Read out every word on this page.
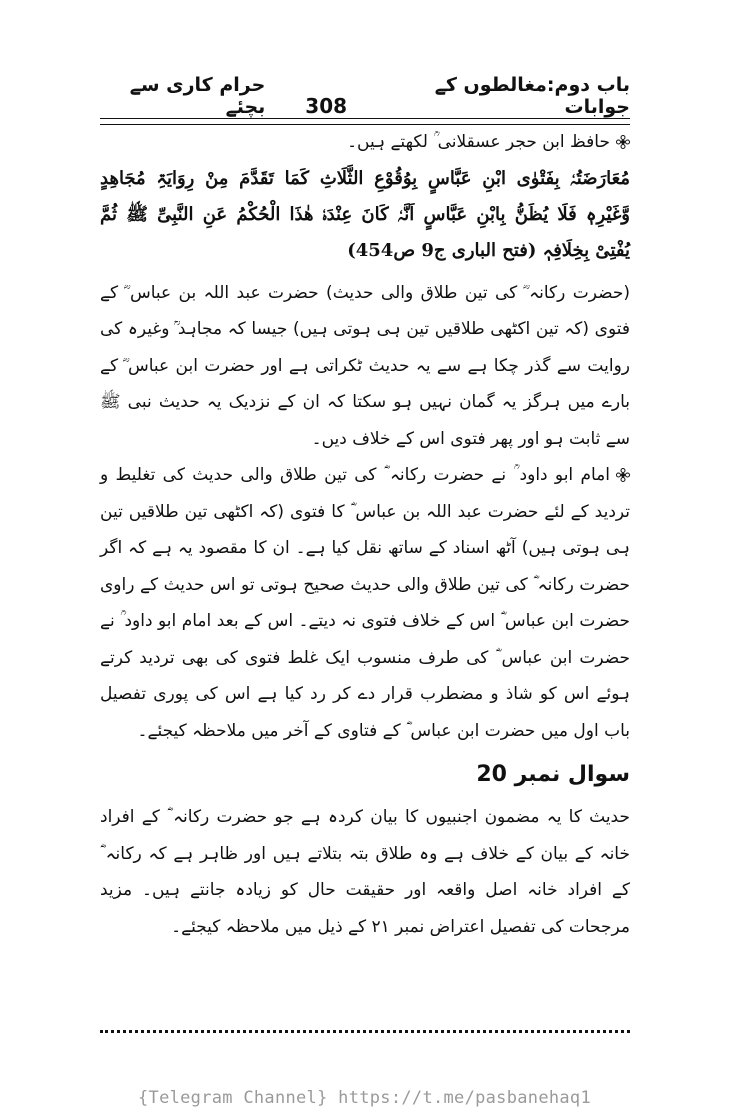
باب دوم:مغالطوں کے جوابات
308
حرام کاری سے بچئے

حافظ ابن حجر عسقلانی ؒ لکھتے ہیں۔

مُعَارَضَتُہٗ بِفَتْوٰی ابْنِ عَبَّاسٍ بِوُقُوْعِ الثَّلَاثِ کَمَا تَقَدَّمَ مِنْ رِوَایَۃِ مُجَاھِدٍ وَّغَیْرِہٖ فَلَا یُظَنُّ بِابْنِ عَبَّاسٍ اَنَّہٗ کَانَ عِنْدَہٗ ھٰذَا الْحُکْمُ عَنِ النَّبِیِّ ﷺ ثُمَّ یُفْتِیْ بِخِلَافِہٖ (فتح الباری ج9 ص454)

(حضرت رکانہ ؓ کی تین طلاق والی حدیث) حضرت عبد اللہ بن عباس ؓ کے فتوی (کہ تین اکٹھی طلاقیں تین ہی ہوتی ہیں) جیسا کہ مجاہد ؒ وغیرہ کی روایت سے گذر چکا ہے سے یہ حدیث ٹکراتی ہے اور حضرت ابن عباس ؓ کے بارے میں ہرگز یہ گمان نہیں ہو سکتا کہ ان کے نزدیک یہ حدیث نبی ﷺ سے ثابت ہو اور پھر فتوی اس کے خلاف دیں۔

امام ابو داود ؒ نے حضرت رکانہ ؓ کی تین طلاق والی حدیث کی تغلیط و تردید کے لئے حضرت عبد اللہ بن عباس ؓ کا فتوی (کہ اکٹھی تین طلاقیں تین ہی ہوتی ہیں) آٹھ اسناد کے ساتھ نقل کیا ہے۔ ان کا مقصود یہ ہے کہ اگر حضرت رکانہ ؓ کی تین طلاق والی حدیث صحیح ہوتی تو اس حدیث کے راوی حضرت ابن عباس ؓ اس کے خلاف فتوی نہ دیتے۔ اس کے بعد امام ابو داود ؒ نے حضرت ابن عباس ؓ کی طرف منسوب ایک غلط فتوی کی بھی تردید کرتے ہوئے اس کو شاذ و مضطرب قرار دے کر رد کیا ہے اس کی پوری تفصیل باب اول میں حضرت ابن عباس ؓ کے فتاوی کے آخر میں ملاحظہ کیجئے۔

سوال نمبر 20

حدیث کا یہ مضمون اجنبیوں کا بیان کردہ ہے جو حضرت رکانہ ؓ کے افراد خانہ کے بیان کے خلاف ہے وہ طلاق بتہ بتلاتے ہیں اور ظاہر ہے کہ رکانہ ؓ کے افراد خانہ اصل واقعہ اور حقیقت حال کو زیادہ جانتے ہیں۔ مزید مرجحات کی تفصیل اعتراض نمبر ۲۱ کے ذیل میں ملاحظہ کیجئے۔

{Telegram Channel} https://t.me/pasbanehaq1
